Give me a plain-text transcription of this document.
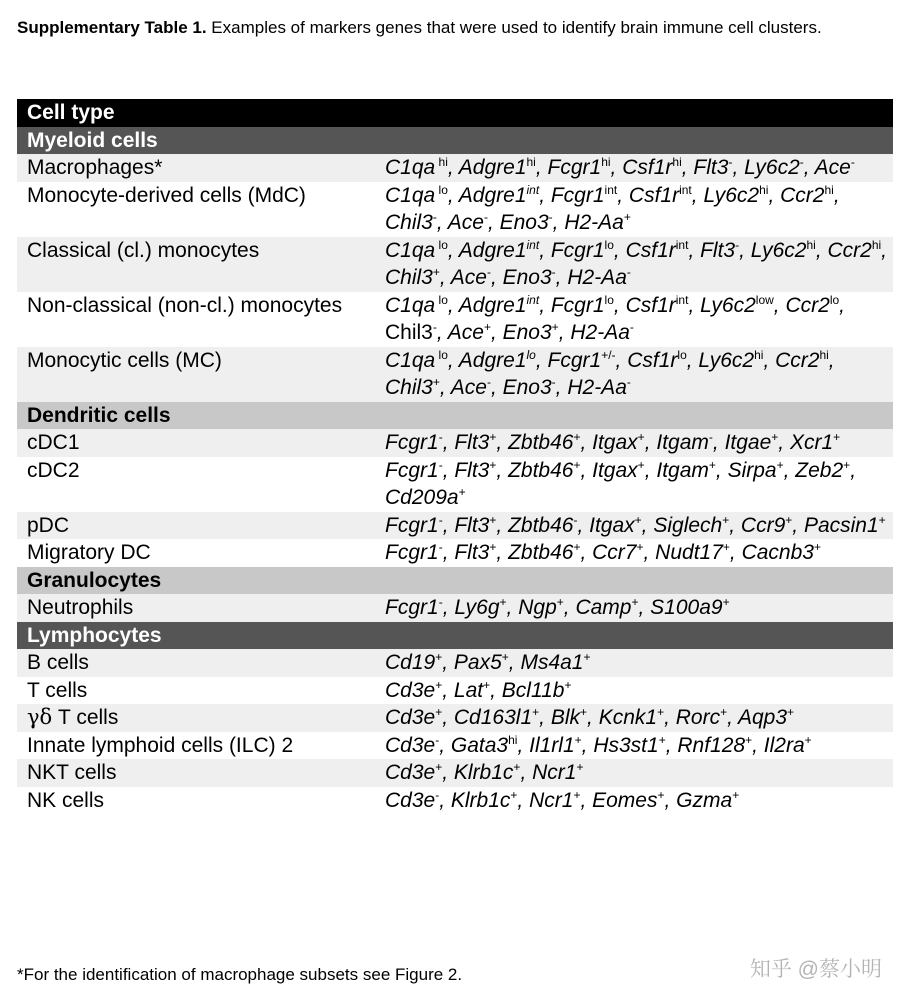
Supplementary Table 1. Examples of markers genes that were used to identify brain immune cell clusters.

Cell type	
Myeloid cells	
Macrophages*	C1qa $^{hi}$, $Adgre1^{hi}$, $Fcgr1^{hi}$, $Csf1r^{hi}$, Flt3-, Ly6c2-, Ace-
Monocyte-derived cells (MdC)	C1qa $^{lo}$, $Adgre1^{int}$, $Fcgr1^{int}$, $Csf1r^{int}$, $Ly6c2^{hi}$, $Ccr2^{hi}$, Chil3-, Ace-, Eno3-, H2-Aa+
Classical (cl.) monocytes	C1qa $^{lo}$, $Adgre1^{int}$, $Fcgr1^{lo}$, $Csf1r^{int}$, Flt3-, $Ly6c2^{hi}$, $Ccr2^{hi}$, Chil3+, Ace-, Eno3-, H2-Aa-
Non-classical (non-cl.) monocytes	C1qa $^{lo}$, $Adgre1^{int}$, $Fcgr1^{lo}$, $Csf1r^{int}$, $Ly6c2^{low}$, $Ccr2^{lo}$, Chil3-, Ace+, Eno3+, H2-Aa-
Monocytic cells (MC)	C1qa $^{lo}$, $Adgre1^{lo}$, Fcgr1+/-, $Csf1r^{lo}$, $Ly6c2^{hi}$, $Ccr2^{hi}$, Chil3+, Ace-, Eno3-, H2-Aa-
Dendritic cells	
cDC1	Fcgr1-, Flt3+, Zbtb46+, Itgax+, Itgam-, Itgae+, Xcr1+
cDC2	Fcgr1-, Flt3+, Zbtb46+, Itgax+, Itgam+, Sirpa+, Zeb2+, Cd209a+
pDC	Fcgr1-, Flt3+, Zbtb46-, Itgax+, Siglech+, Ccr9+, Pacsin1+
Migratory DC	Fcgr1-, Flt3+, Zbtb46+, Ccr7+, Nudt17+, Cacnb3+
Granulocytes	
Neutrophils	Fcgr1-, Ly6g+, Ngp+, Camp+, S100a9+
Lymphocytes	
B cells	Cd19+, Pax5+, Ms4a1+
T cells	Cd3e+, Lat+, Bcl11b+
γδ T cells	Cd3e+, Cd163l1+, Blk+, Kcnk1+, Rorc+, Aqp3+
Innate lymphoid cells (ILC) 2	Cd3e-, $Gata3^{hi}$, Il1rl1+, Hs3st1+, Rnf128+, Il2ra+
NKT cells	Cd3e+, Klrb1c+, Ncr1+
NK cells	Cd3e-, Klrb1c+, Ncr1+, Eomes+, Gzma+

*For the identification of macrophage subsets see Figure 2.	知乎 @蔡小明
